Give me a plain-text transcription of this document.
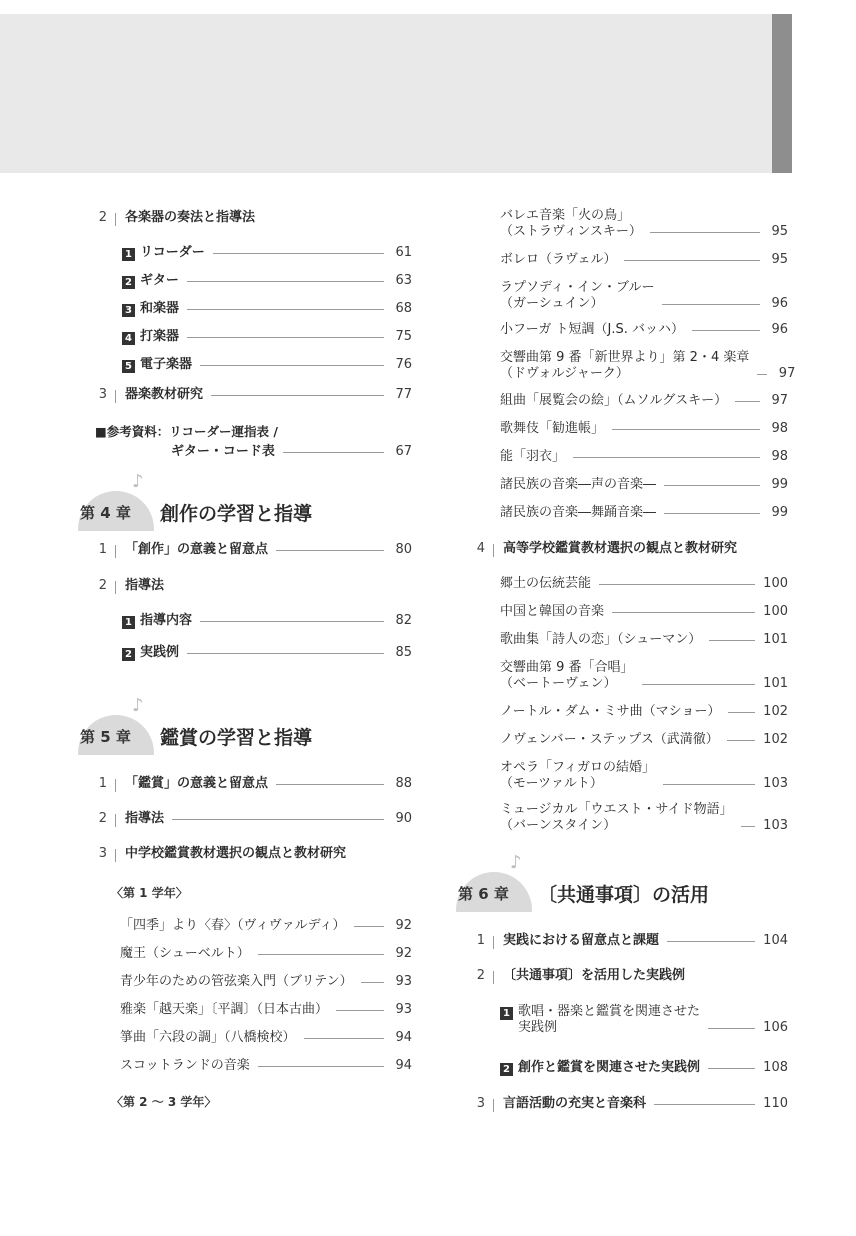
2 各楽器の奏法と指導法
1 リコーダー	61
2 ギター	63
3 和楽器	68
4 打楽器	75
5 電子楽器	76
3 器楽教材研究	77
■参考資料：リコーダー運指表 /
ギター・コード表	67
♪
第 4 章	創作の学習と指導
1 「創作」の意義と留意点	80
2 指導法
1 指導内容	82
2 実践例	85
♪
第 5 章	鑑賞の学習と指導
1 「鑑賞」の意義と留意点	88
2 指導法	90
3 中学校鑑賞教材選択の観点と教材研究
〈第 1 学年〉
「四季」より〈春〉（ヴィヴァルディ）	92
魔王（シューベルト）	92
青少年のための管弦楽入門（ブリテン）	93
雅楽「越天楽」〔平調〕（日本古曲）	93
箏曲「六段の調」（八橋検校）	94
スコットランドの音楽	94
〈第 2 ～ 3 学年〉
バレエ音楽「火の鳥」
（ストラヴィンスキー）	95
ボレロ（ラヴェル）	95
ラプソディ・イン・ブルー
（ガーシュイン）	96
小フーガ ト短調（J.S. バッハ）	96
交響曲第 9 番「新世界より」第 2・4 楽章
（ドヴォルジャーク）	97
組曲「展覧会の絵」（ムソルグスキー）	97
歌舞伎「勧進帳」	98
能「羽衣」	98
諸民族の音楽―声の音楽―	99
諸民族の音楽―舞踊音楽―	99
4 高等学校鑑賞教材選択の観点と教材研究
郷土の伝統芸能	100
中国と韓国の音楽	100
歌曲集「詩人の恋」（シューマン）	101
交響曲第 9 番「合唱」
（ベートーヴェン）	101
ノートル・ダム・ミサ曲（マショー）	102
ノヴェンバー・ステップス（武満徹）	102
オペラ「フィガロの結婚」
（モーツァルト）	103
ミュージカル「ウエスト・サイド物語」
（バーンスタイン）	103
♪
第 6 章	〔共通事項〕の活用
1 実践における留意点と課題	104
2 〔共通事項〕を活用した実践例
1 歌唱・器楽と鑑賞を関連させた
実践例	106
2 創作と鑑賞を関連させた実践例	108
3 言語活動の充実と音楽科	110
